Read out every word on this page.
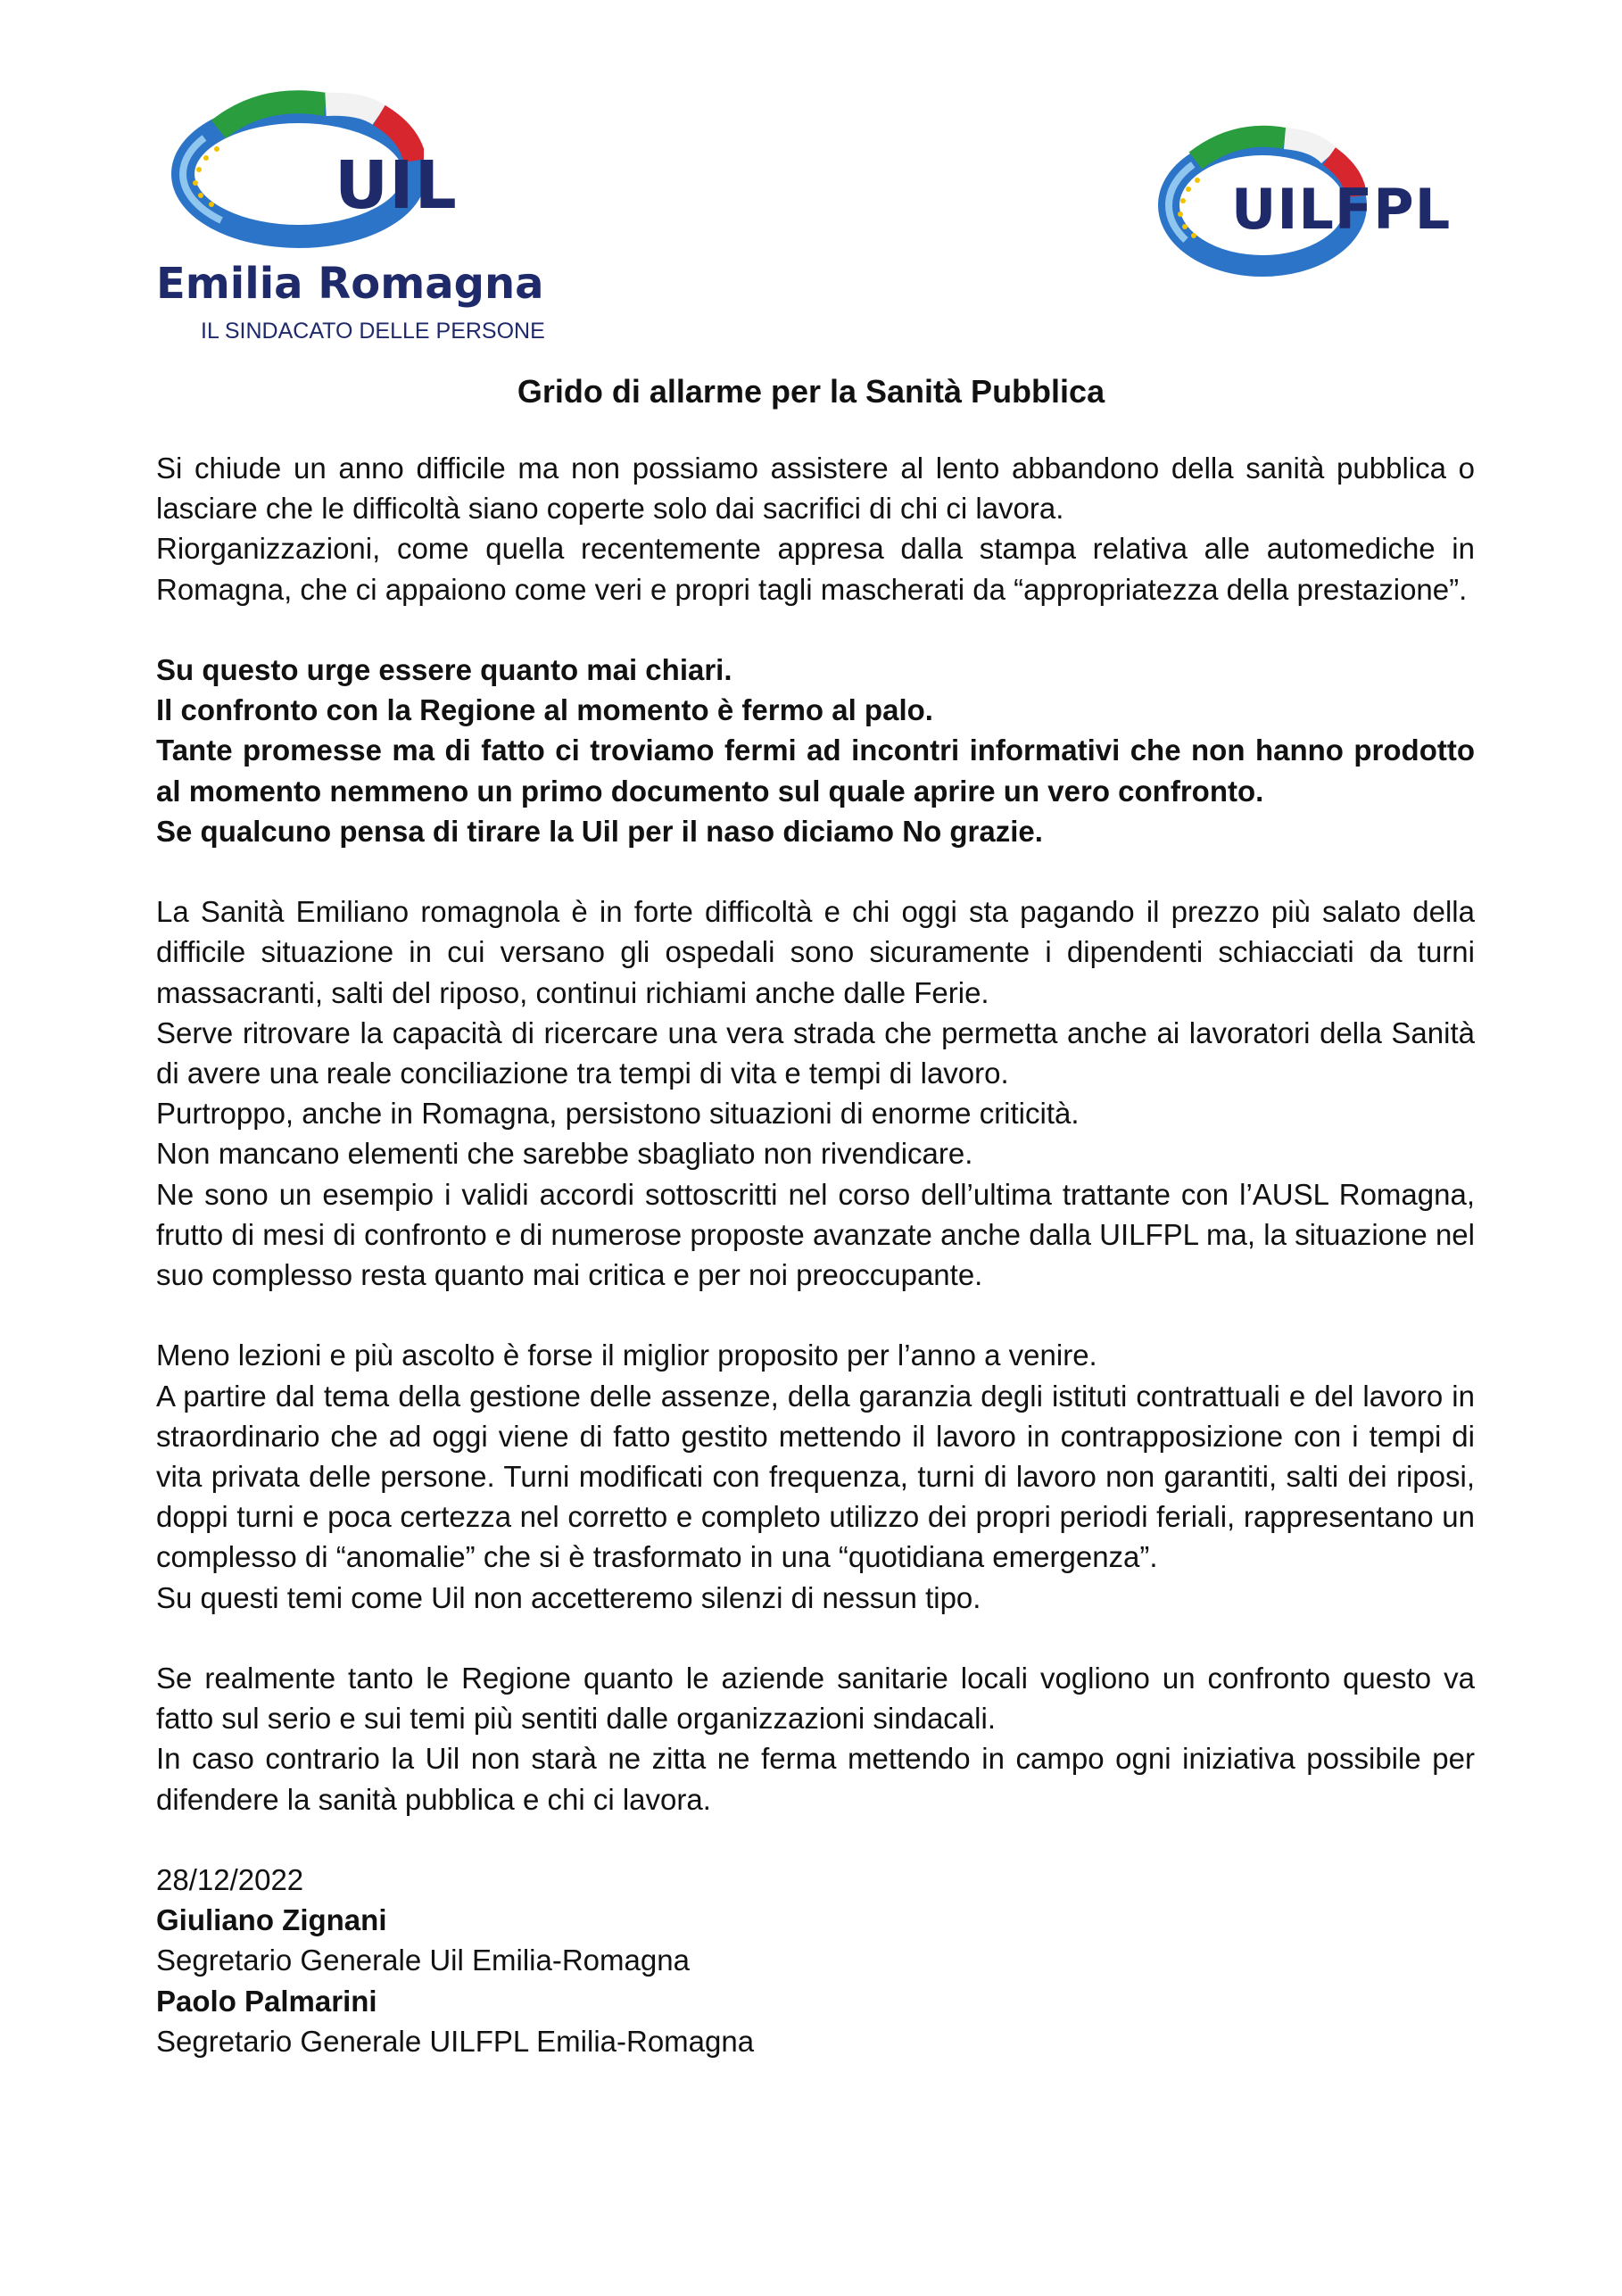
UIL
Emilia Romagna
IL SINDACATO DELLE PERSONE
UILFPL
Grido di allarme per la Sanità Pubblica

Si chiude un anno difficile ma non possiamo assistere al lento abbandono della sanità pubblica o lasciare che le difficoltà siano coperte solo dai sacrifici di chi ci lavora.

Riorganizzazioni, come quella recentemente appresa dalla stampa relativa alle automediche in Romagna, che ci appaiono come veri e propri tagli mascherati da “appropriatezza della prestazione”.

Su questo urge essere quanto mai chiari.

Il confronto con la Regione al momento è fermo al palo.

Tante promesse ma di fatto ci troviamo fermi ad incontri informativi che non hanno prodotto al momento nemmeno un primo documento sul quale aprire un vero confronto.

Se qualcuno pensa di tirare la Uil per il naso diciamo No grazie.

La Sanità Emiliano romagnola è in forte difficoltà e chi oggi sta pagando il prezzo più salato della difficile situazione in cui versano gli ospedali sono sicuramente i dipendenti schiacciati da turni massacranti, salti del riposo, continui richiami anche dalle Ferie.

Serve ritrovare la capacità di ricercare una vera strada che permetta anche ai lavoratori della Sanità di avere una reale conciliazione tra tempi di vita e tempi di lavoro.

Purtroppo, anche in Romagna, persistono situazioni di enorme criticità.

Non mancano elementi che sarebbe sbagliato non rivendicare.

Ne sono un esempio i validi accordi sottoscritti nel corso dell’ultima trattante con l’AUSL Romagna, frutto di mesi di confronto e di numerose proposte avanzate anche dalla UILFPL ma, la situazione nel suo complesso resta quanto mai critica e per noi preoccupante.

Meno lezioni e più ascolto è forse il miglior proposito per l’anno a venire.

A partire dal tema della gestione delle assenze, della garanzia degli istituti contrattuali e del lavoro in straordinario che ad oggi viene di fatto gestito mettendo il lavoro in contrapposizione con i tempi di vita privata delle persone. Turni modificati con frequenza, turni di lavoro non garantiti, salti dei riposi, doppi turni e poca certezza nel corretto e completo utilizzo dei propri periodi feriali, rappresentano un complesso di “anomalie” che si è trasformato in una “quotidiana emergenza”.

Su questi temi come Uil non accetteremo silenzi di nessun tipo.

Se realmente tanto le Regione quanto le aziende sanitarie locali vogliono un confronto questo va fatto sul serio e sui temi più sentiti dalle organizzazioni sindacali.

In caso contrario la Uil non starà ne zitta ne ferma mettendo in campo ogni iniziativa possibile per difendere la sanità pubblica e chi ci lavora.

28/12/2022

Giuliano Zignani

Segretario Generale Uil Emilia-Romagna

Paolo Palmarini

Segretario Generale UILFPL Emilia-Romagna
